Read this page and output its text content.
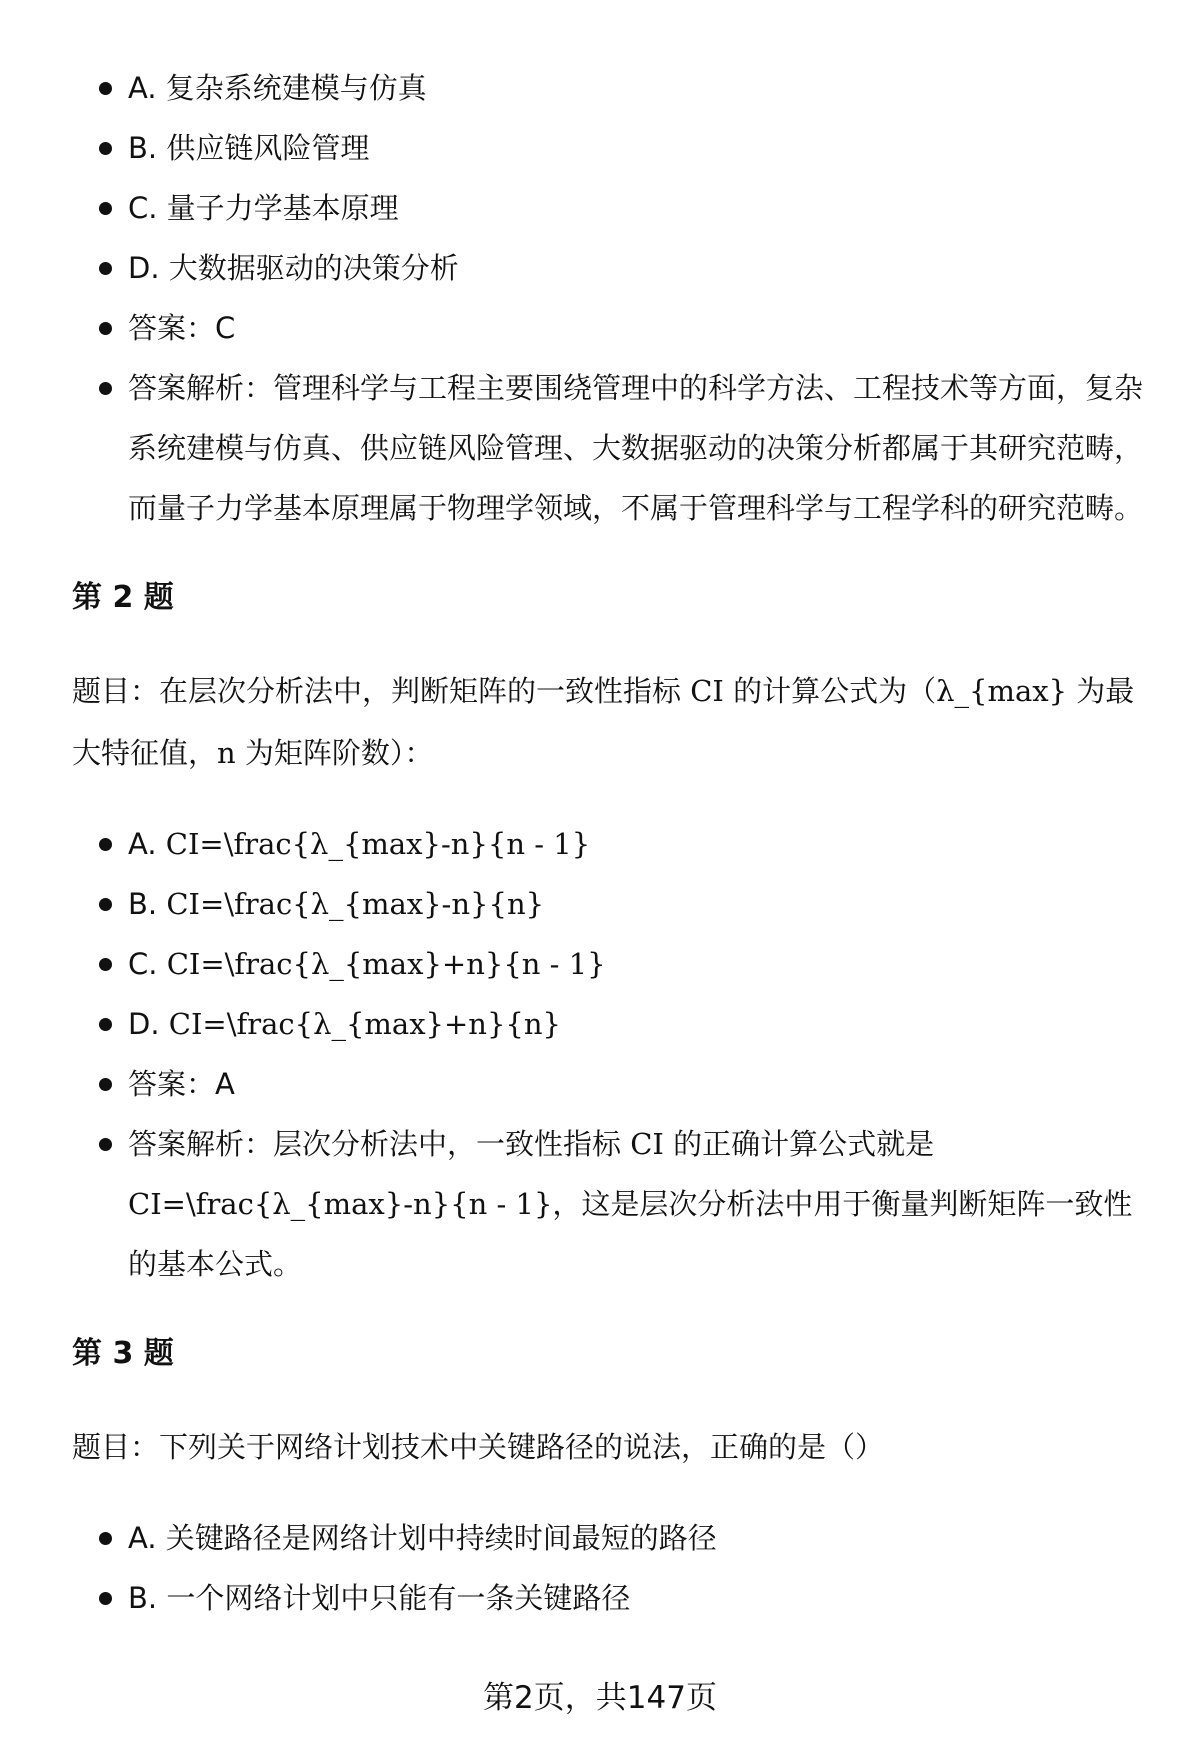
A. 复杂系统建模与仿真
B. 供应链风险管理
C. 量子力学基本原理
D. 大数据驱动的决策分析
答案：C
答案解析：管理科学与工程主要围绕管理中的科学方法、工程技术等方面，复杂系统建模与仿真、供应链风险管理、大数据驱动的决策分析都属于其研究范畴，而量子力学基本原理属于物理学领域，不属于管理科学与工程学科的研究范畴。
第 2 题

题目：在层次分析法中，判断矩阵的一致性指标 CI 的计算公式为（λ_{max} 为最大特征值，n 为矩阵阶数）：

A. CI=\frac{λ_{max}-n}{n - 1}
B. CI=\frac{λ_{max}-n}{n}
C. CI=\frac{λ_{max}+n}{n - 1}
D. CI=\frac{λ_{max}+n}{n}
答案：A
答案解析：层次分析法中，一致性指标 CI 的正确计算公式就是 CI=\frac{λ_{max}-n}{n - 1}，这是层次分析法中用于衡量判断矩阵一致性的基本公式。
第 3 题

题目：下列关于网络计划技术中关键路径的说法，正确的是（）

A. 关键路径是网络计划中持续时间最短的路径
B. 一个网络计划中只能有一条关键路径
第2页，共147页
